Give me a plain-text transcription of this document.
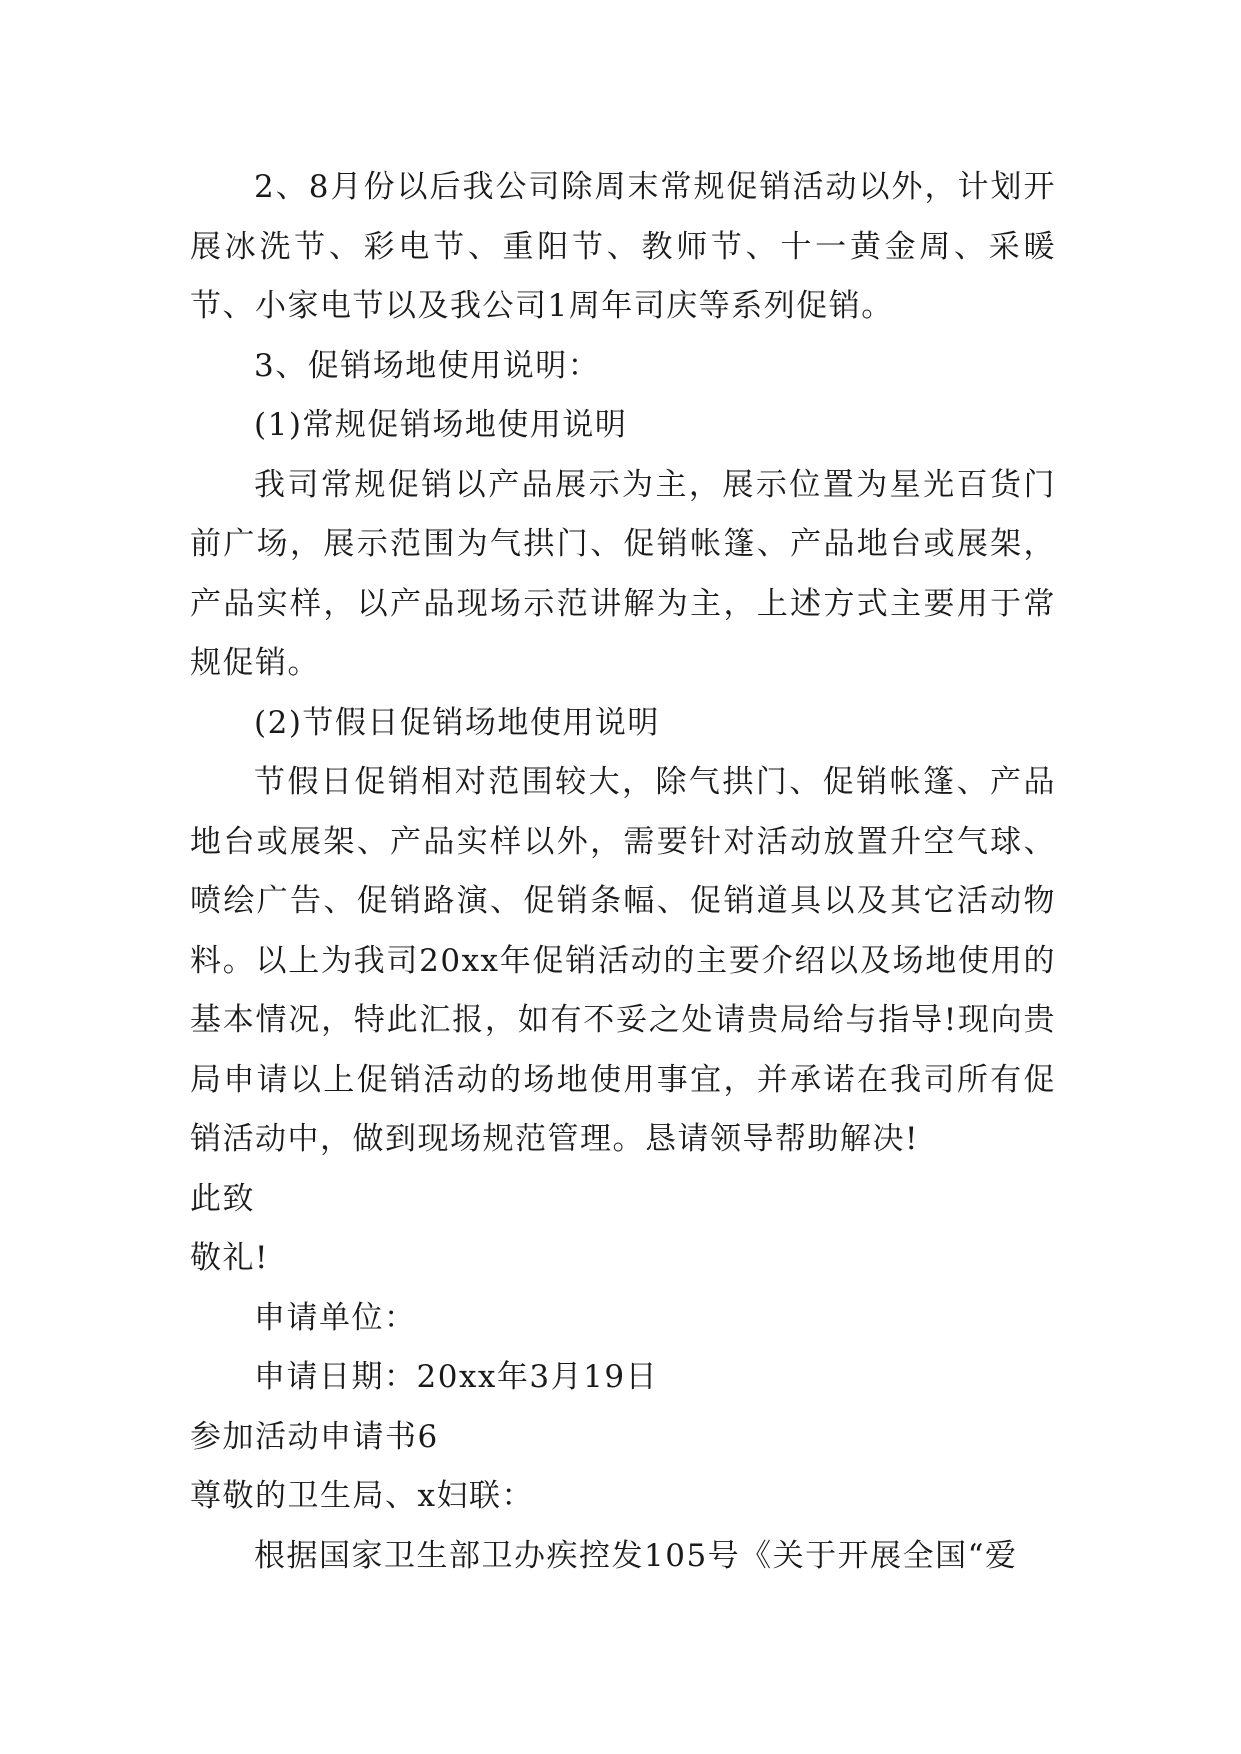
2、8月份以后我公司除周末常规促销活动以外，计划开展冰洗节、彩电节、重阳节、教师节、十一黄金周、采暖节、小家电节以及我公司1周年司庆等系列促销。

3、促销场地使用说明：

(1)常规促销场地使用说明

我司常规促销以产品展示为主，展示位置为星光百货门前广场，展示范围为气拱门、促销帐篷、产品地台或展架，产品实样，以产品现场示范讲解为主，上述方式主要用于常规促销。

(2)节假日促销场地使用说明

节假日促销相对范围较大，除气拱门、促销帐篷、产品地台或展架、产品实样以外，需要针对活动放置升空气球、喷绘广告、促销路演、促销条幅、促销道具以及其它活动物料。以上为我司20xx年促销活动的主要介绍以及场地使用的基本情况，特此汇报，如有不妥之处请贵局给与指导!现向贵局申请以上促销活动的场地使用事宜，并承诺在我司所有促销活动中，做到现场规范管理。恳请领导帮助解决!

此致

敬礼!

申请单位：

申请日期：20xx年3月19日

参加活动申请书6

尊敬的卫生局、x妇联：

根据国家卫生部卫办疾控发105号《关于开展全国“爱
